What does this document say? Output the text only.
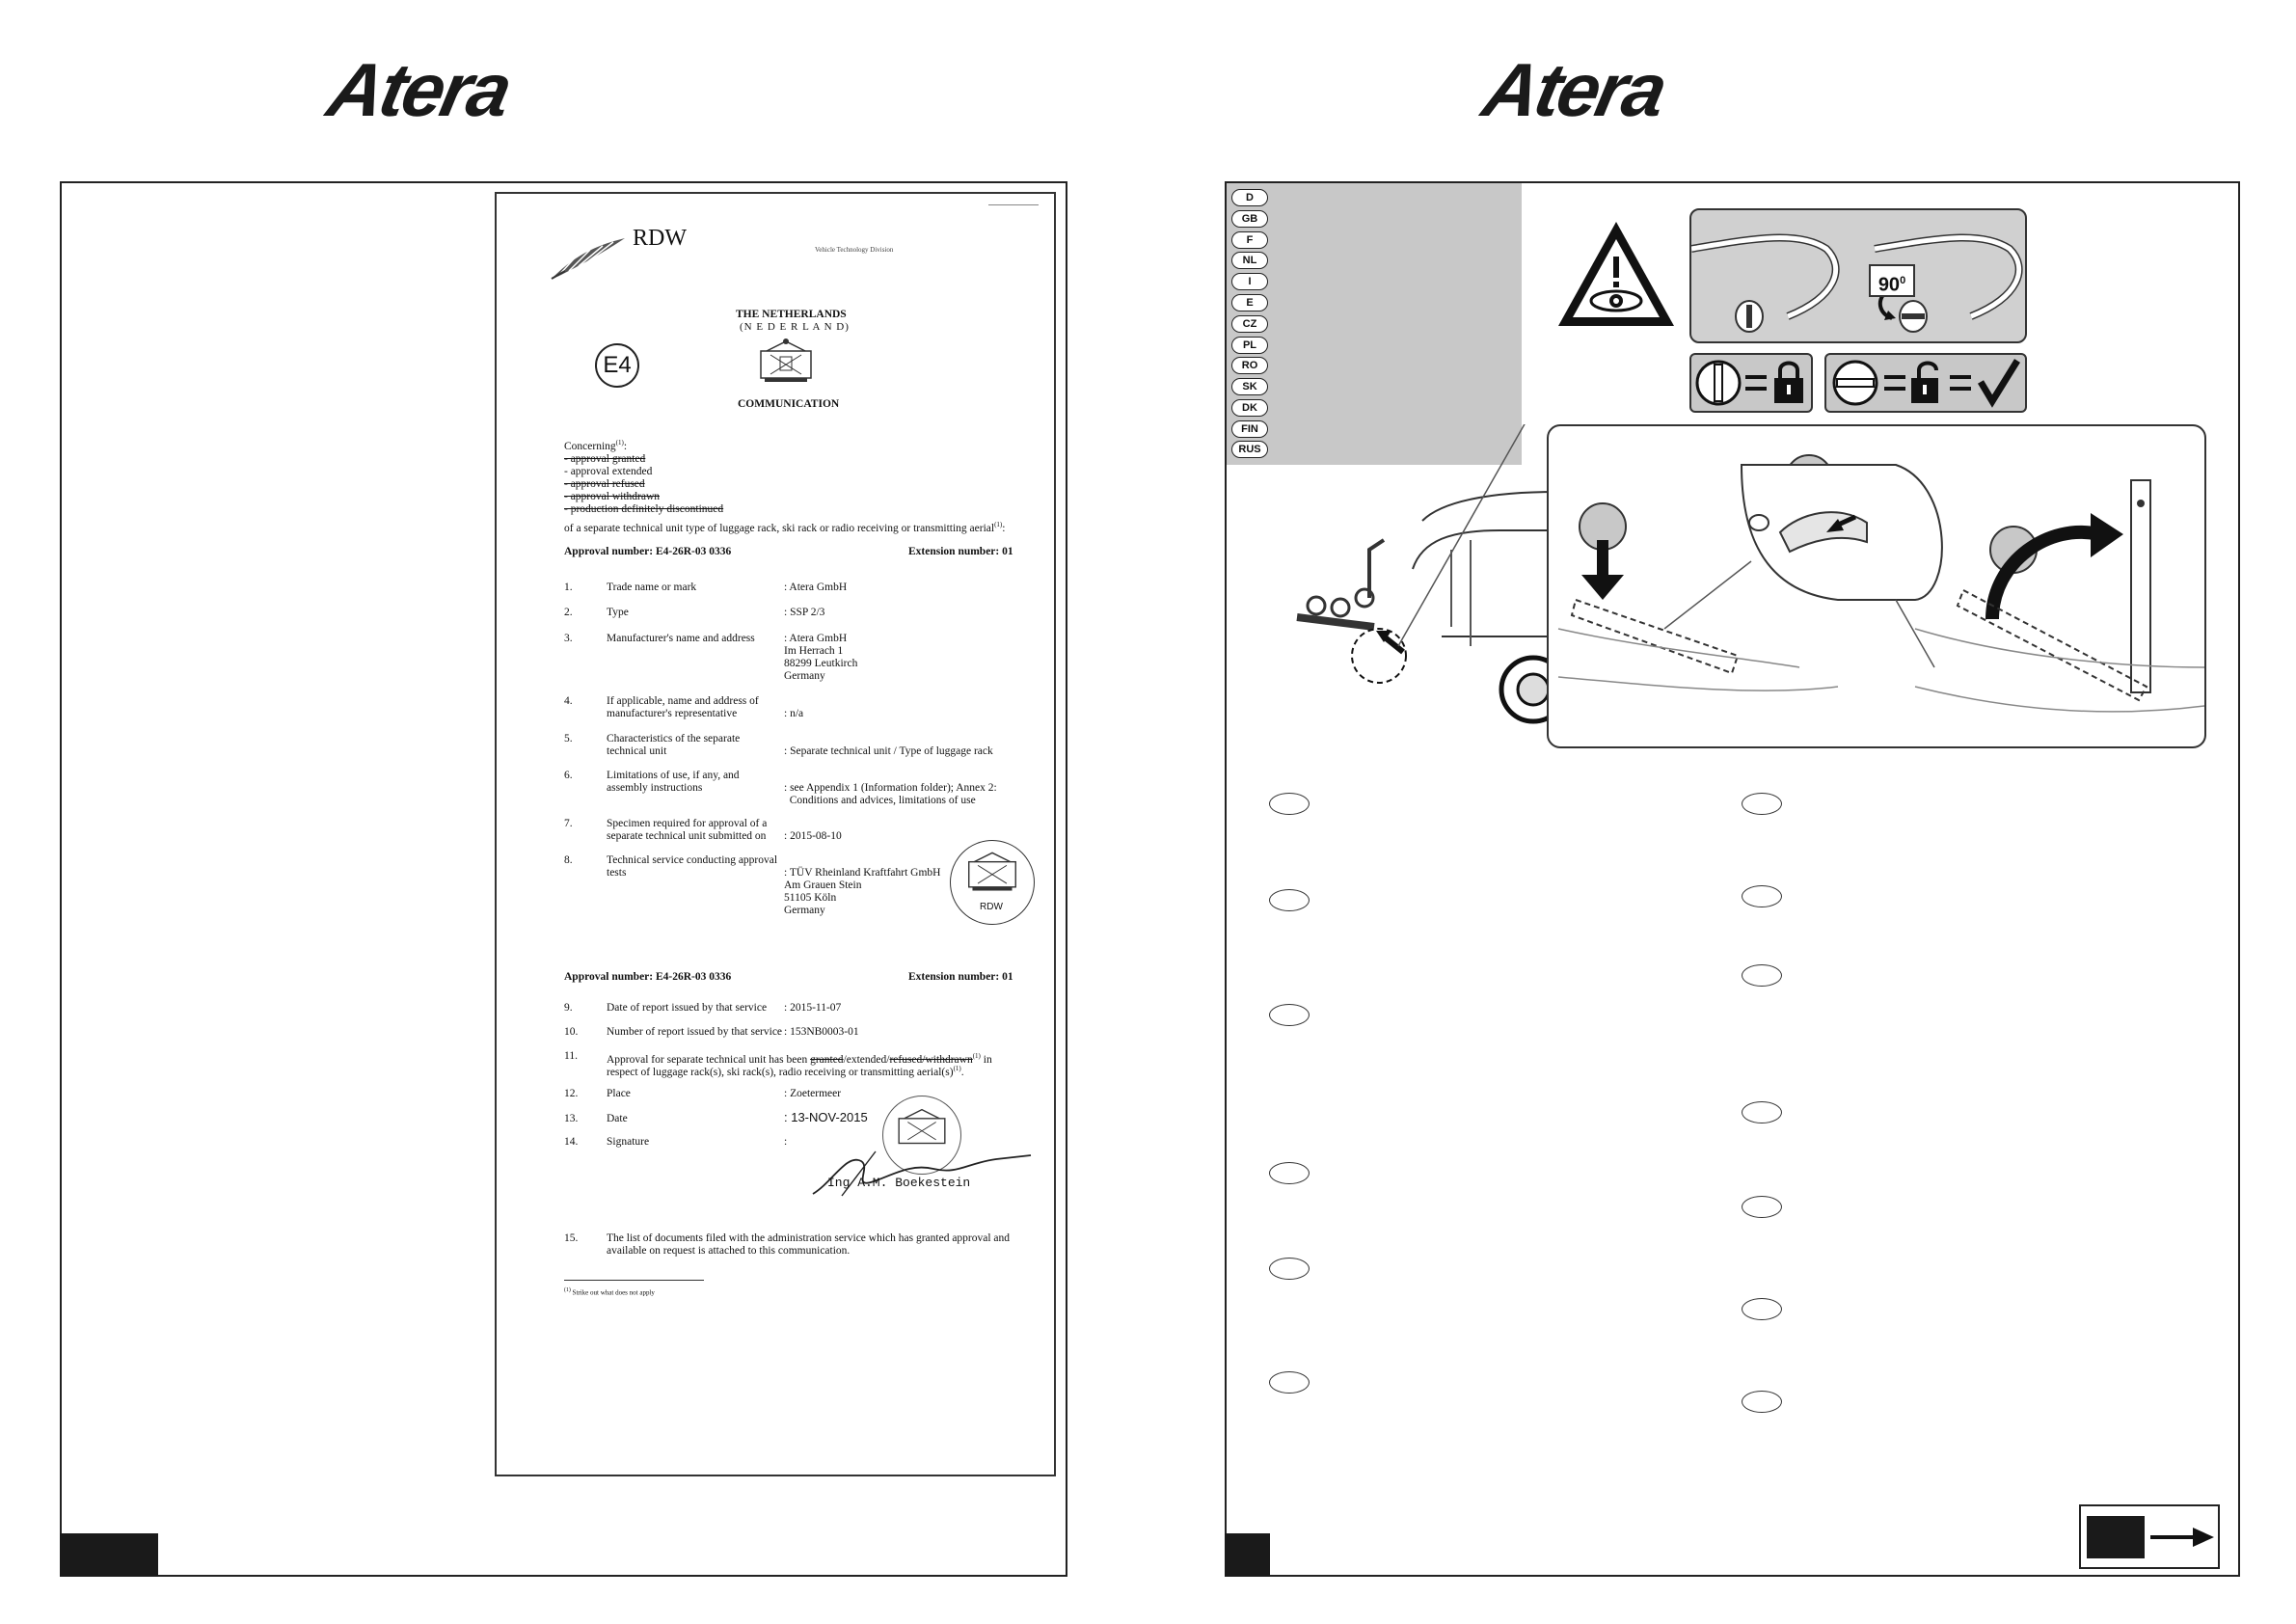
Atera	Atera
RDW	Vehicle Technology Division
THE NETHERLANDS
(N E D E R L A N D)
E4
COMMUNICATION
Concerning$^{(1)}$:
- approval granted
- approval extended
- approval refused
- approval withdrawn
- production definitely discontinued
of a separate technical unit type of luggage rack, ski rack or radio receiving or transmitting aerial$^{(1)}$:
Approval number: E4-26R-03 0336	Extension number: 01
1.	Trade name or mark	: Atera GmbH
2.	Type	: SSP 2/3
3.	Manufacturer's name and address	: Atera GmbH
Im Herrach 1
88299 Leutkirch
Germany
4.	If applicable, name and address of
manufacturer's representative	: n/a
5.	Characteristics of the separate
technical unit	: Separate technical unit / Type of luggage rack
6.	Limitations of use, if any, and
assembly instructions	: see Appendix 1 (Information folder); Annex 2:
Conditions and advices, limitations of use
7.	Specimen required for approval of a
separate technical unit submitted on : 2015-08-10
8.	Technical service conducting approval
tests	: TÜV Rheinland Kraftfahrt GmbH
Am Grauen Stein
51105 Köln
Germany	RDW
Approval number: E4-26R-03 0336	Extension number: 01
9.	Date of report issued by that service : 2015-11-07
10.	Number of report issued by that service : 153NB0003-01
11.	Approval for separate technical unit has been granted/extended/refused/withdrawn$^{(1)}$ in
respect of luggage rack(s), ski rack(s), radio receiving or transmitting $aerial(s)^{(1)}$.
12.	Place	: Zoetermeer
13.	Date	: 13-NOV-2015
14.	Signature	:
Ing A.M. Boekestein
15.	The list of documents filed with the administration service which has granted approval and
available on request is attached to this communication.
$^{(1)}$ Strike out what does not apply
D
GB
F
NL
I
E
CZ
PL
RO
SK
DK
FIN
RUS
$90^0$
